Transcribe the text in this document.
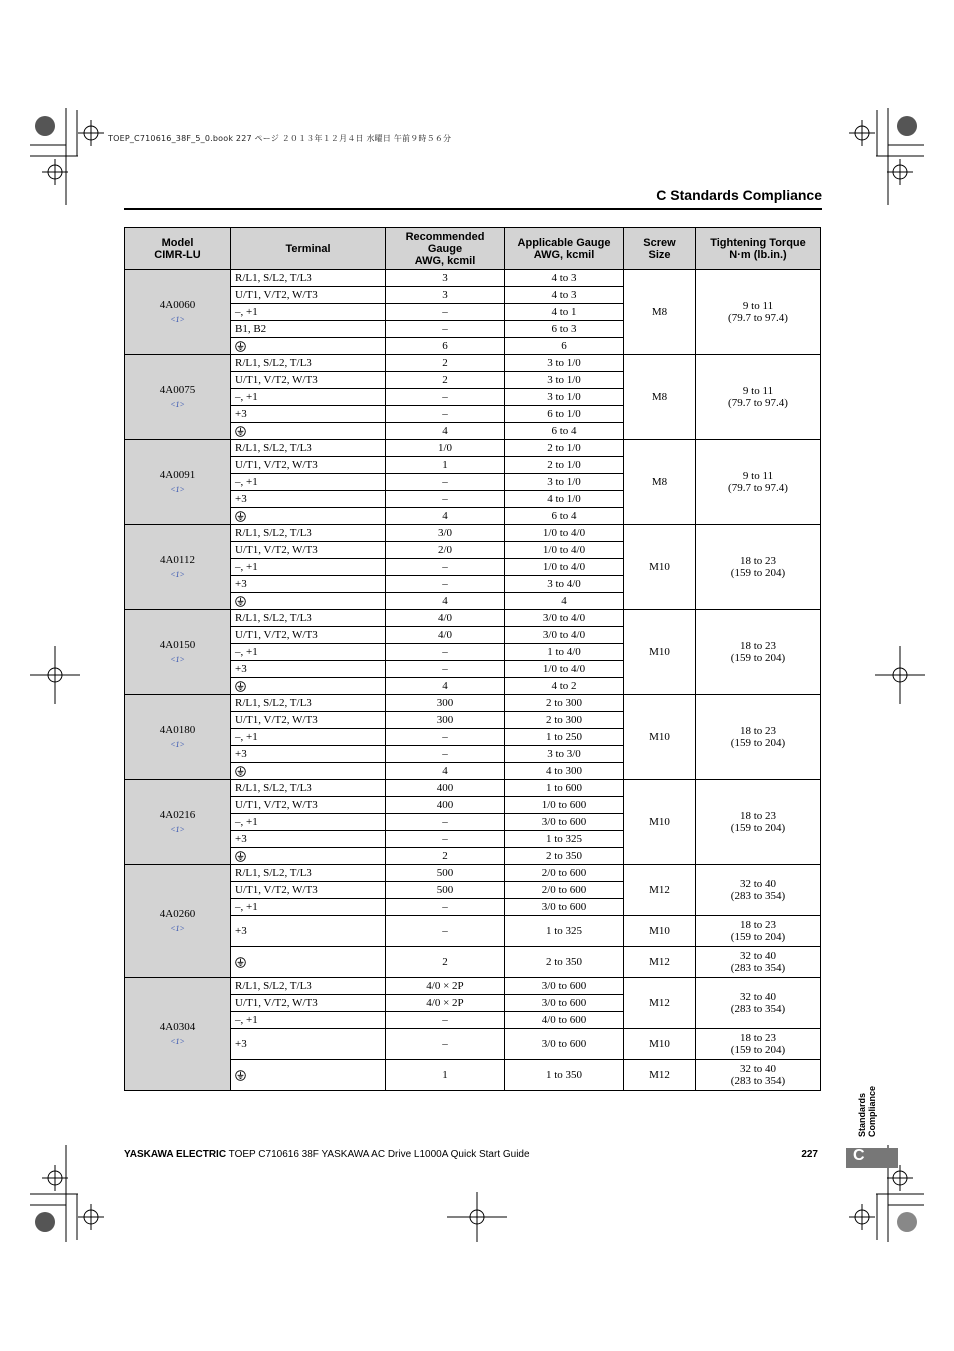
TOEP_C710616_38F_5_0.book 227 ページ ２０１３年１２月４日 水曜日 午前９時５６分
C Standards Compliance
Model
CIMR-LU	Terminal	Recommended
Gauge
AWG, kcmil	Applicable Gauge
AWG, kcmil	Screw
Size	Tightening Torque
N·m (lb.in.)
4A0060
<1>	R/L1, S/L2, T/L3	3	4 to 3	M8	9 to 11
(79.7 to 97.4)
	U/T1, V/T2, W/T3	3	4 to 3		
	–, +1	–	4 to 1		
	B1, B2	–	6 to 3		
	6	6		
4A0075
<1>	R/L1, S/L2, T/L3	2	3 to 1/0	M8	9 to 11
(79.7 to 97.4)
	U/T1, V/T2, W/T3	2	3 to 1/0		
	–, +1	–	3 to 1/0		
	+3	–	6 to 1/0		
	4	6 to 4		
4A0091
<1>	R/L1, S/L2, T/L3	1/0	2 to 1/0	M8	9 to 11
(79.7 to 97.4)
	U/T1, V/T2, W/T3	1	2 to 1/0		
	–, +1	–	3 to 1/0		
	+3	–	4 to 1/0		
	4	6 to 4		
4A0112
<1>	R/L1, S/L2, T/L3	3/0	1/0 to 4/0	M10	18 to 23
(159 to 204)
	U/T1, V/T2, W/T3	2/0	1/0 to 4/0		
	–, +1	–	1/0 to 4/0		
	+3	–	3 to 4/0		
	4	4		
4A0150
<1>	R/L1, S/L2, T/L3	4/0	3/0 to 4/0	M10	18 to 23
(159 to 204)
	U/T1, V/T2, W/T3	4/0	3/0 to 4/0		
	–, +1	–	1 to 4/0		
	+3	–	1/0 to 4/0		
	4	4 to 2		
4A0180
<1>	R/L1, S/L2, T/L3	300	2 to 300	M10	18 to 23
(159 to 204)
	U/T1, V/T2, W/T3	300	2 to 300		
	–, +1	–	1 to 250		
	+3	–	3 to 3/0		
	4	4 to 300		
4A0216
<1>	R/L1, S/L2, T/L3	400	1 to 600	M10	18 to 23
(159 to 204)
	U/T1, V/T2, W/T3	400	1/0 to 600		
	–, +1	–	3/0 to 600		
	+3	–	1 to 325		
	2	2 to 350		
4A0260
<1>	R/L1, S/L2, T/L3	500	2/0 to 600	M12	32 to 40
(283 to 354)
	U/T1, V/T2, W/T3	500	2/0 to 600		
	–, +1	–	3/0 to 600		
	+3	–	1 to 325	M10	18 to 23
(159 to 204)
	2	2 to 350	M12	32 to 40
(283 to 354)
4A0304
<1>	R/L1, S/L2, T/L3	4/0 × 2P	3/0 to 600	M12	32 to 40
(283 to 354)
	U/T1, V/T2, W/T3	4/0 × 2P	3/0 to 600		
	–, +1	–	4/0 to 600		
	+3	–	3/0 to 600	M10	18 to 23
(159 to 204)
	1	1 to 350	M12	32 to 40
(283 to 354)
Standards
Compliance
C
YASKAWA ELECTRIC TOEP C710616 38F YASKAWA AC Drive L1000A Quick Start Guide	227
